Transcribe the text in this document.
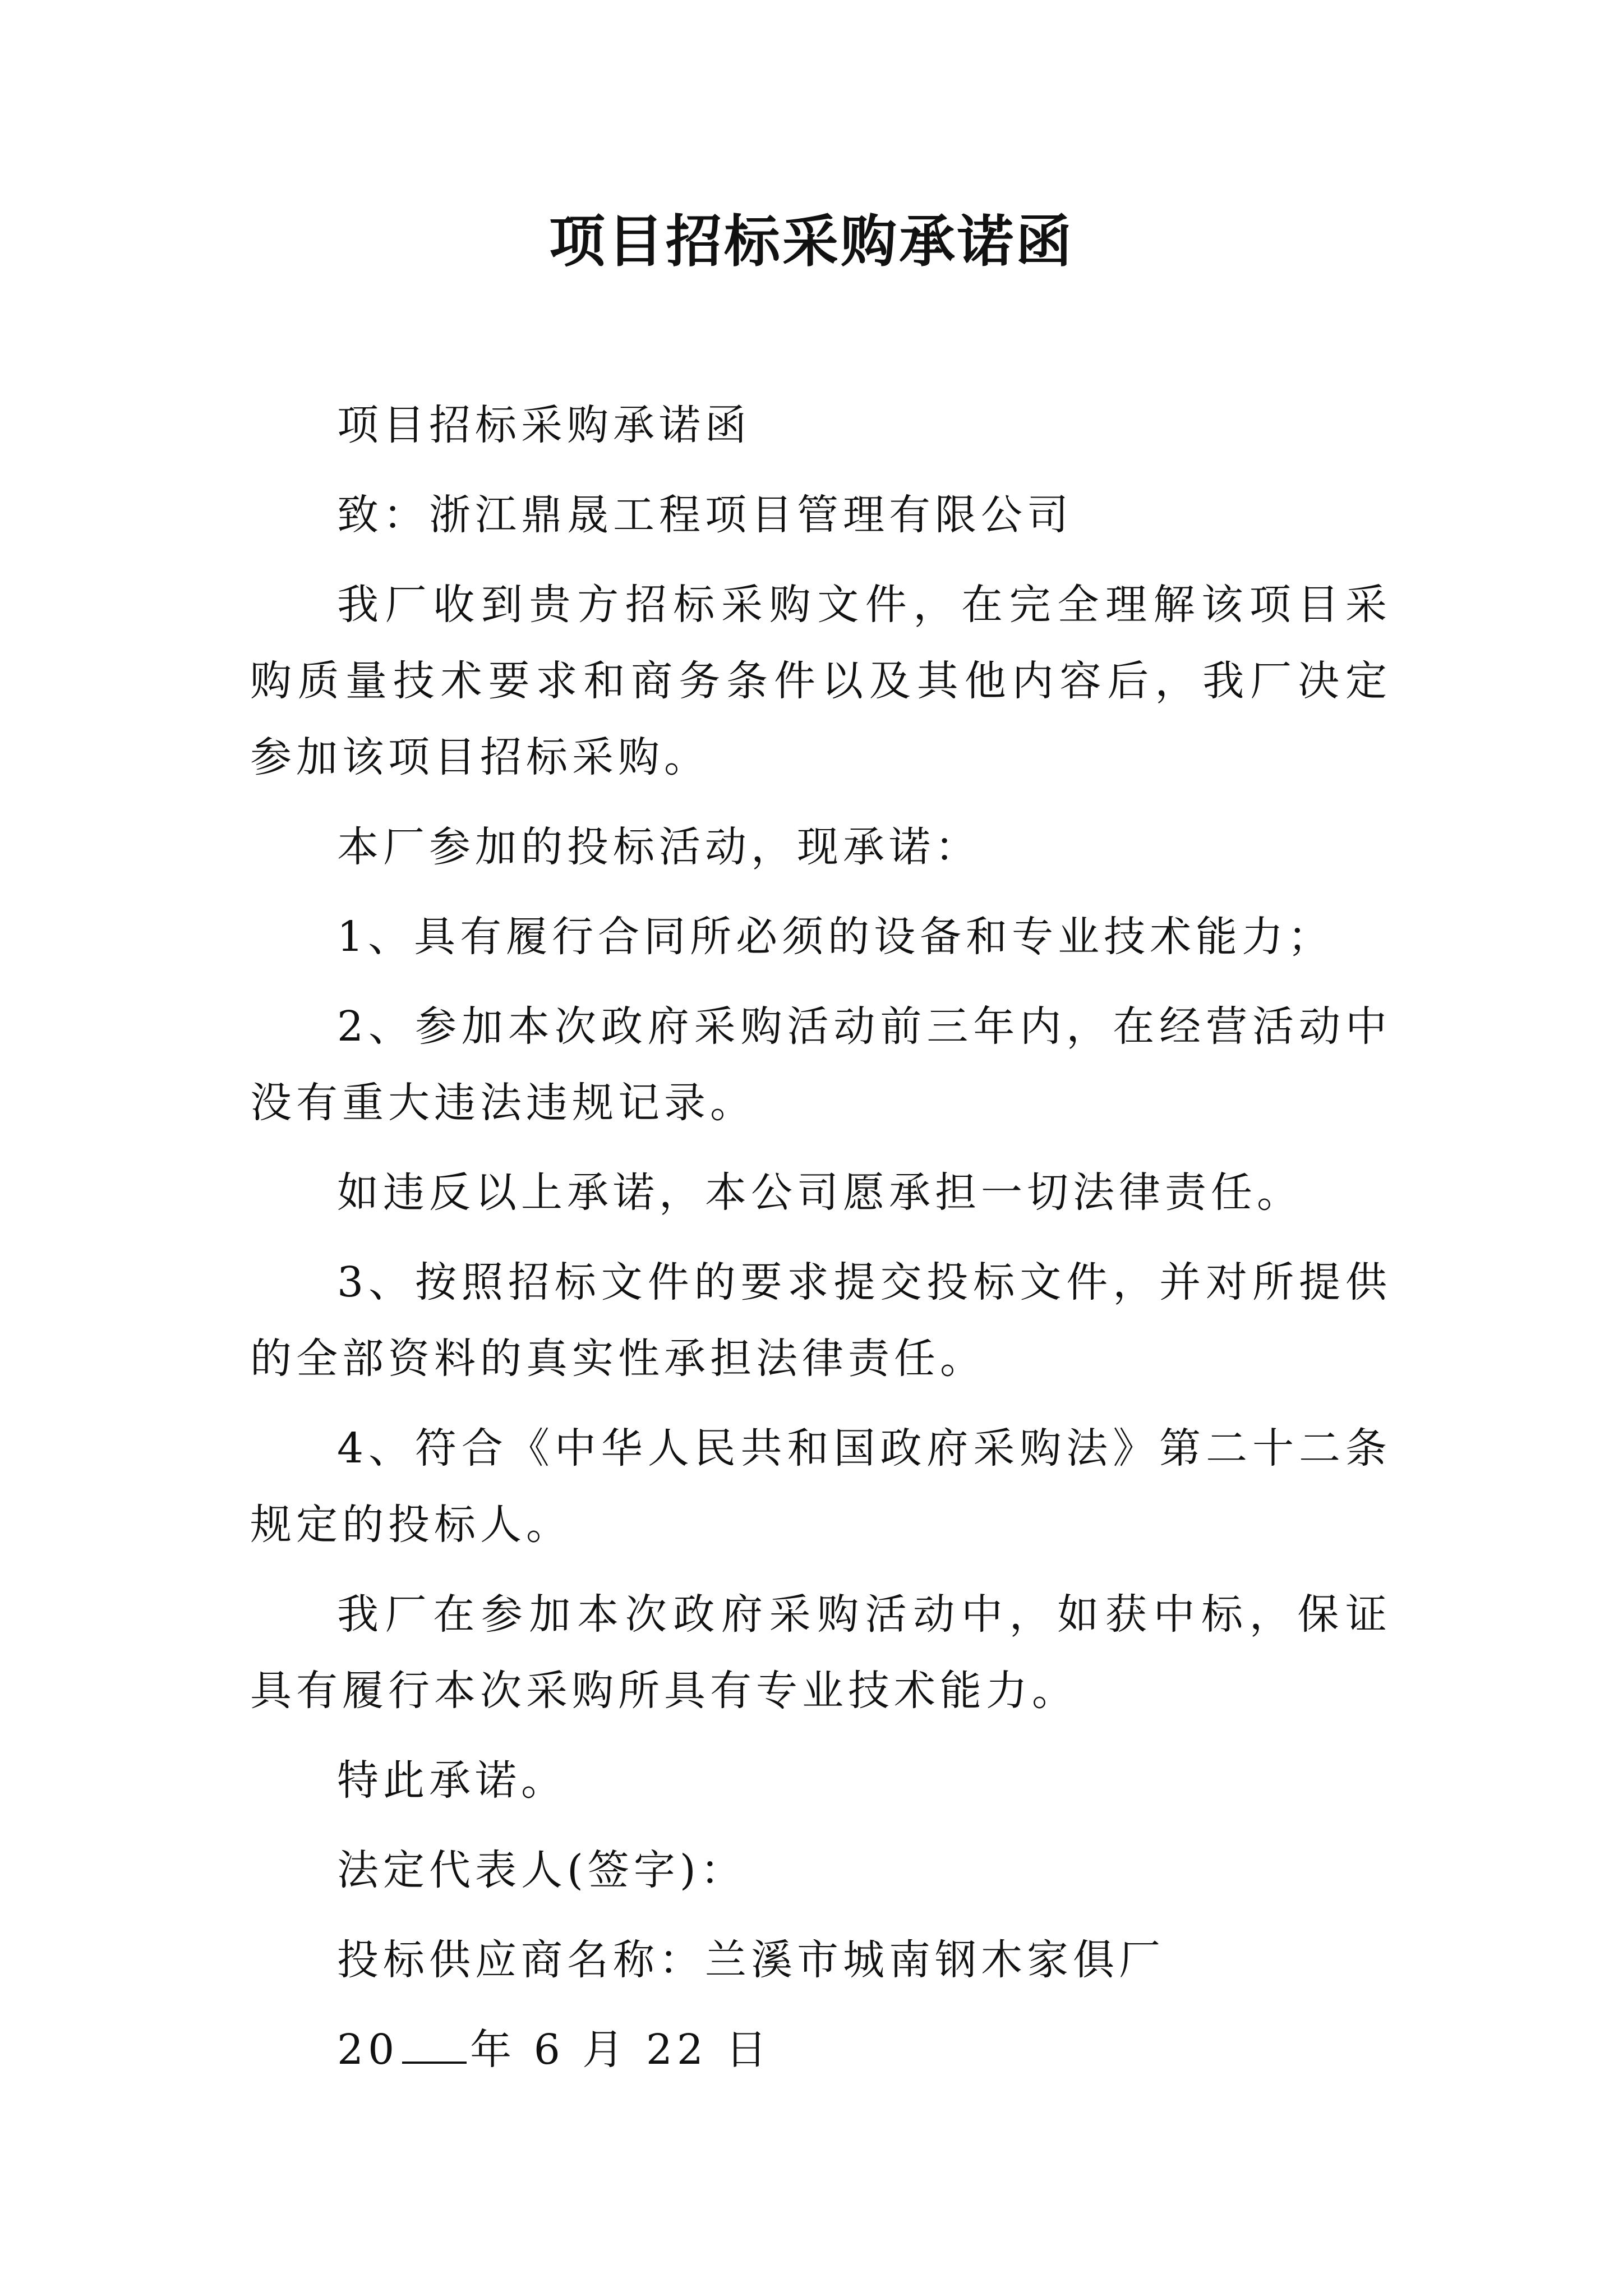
项目招标采购承诺函
项目招标采购承诺函
致：浙江鼎晟工程项目管理有限公司

我厂收到贵方招标采购文件，在完全理解该项目采购质量技术要求和商务条件以及其他内容后，我厂决定参加该项目招标采购。

本厂参加的投标活动，现承诺：

1、具有履行合同所必须的设备和专业技术能力；

2、参加本次政府采购活动前三年内，在经营活动中没有重大违法违规记录。

如违反以上承诺，本公司愿承担一切法律责任。

3、按照招标文件的要求提交投标文件，并对所提供的全部资料的真实性承担法律责任。

4、符合《中华人民共和国政府采购法》第二十二条规定的投标人。

我厂在参加本次政府采购活动中，如获中标，保证具有履行本次采购所具有专业技术能力。

特此承诺。

法定代表人(签字)：
投标供应商名称：兰溪市城南钢木家俱厂
20 年 6 月 22 日
